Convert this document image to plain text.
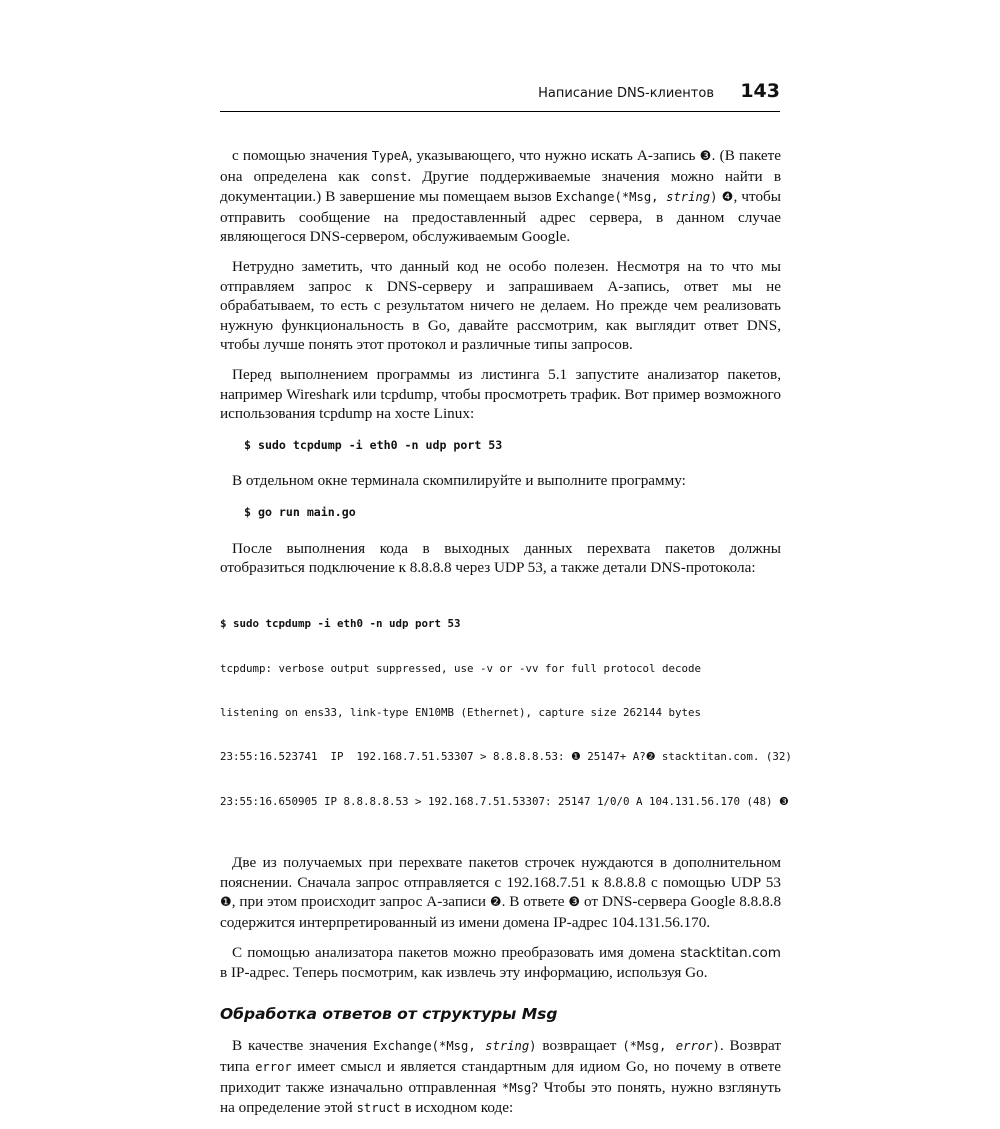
Написание DNS-клиентов 143

с помощью значения TypeA, указывающего, что нужно искать A-запись ❸. (В пакете она определена как const. Другие поддерживаемые значения можно найти в документации.) В завершение мы помещаем вызов Exchange(*Msg, string) ❹, чтобы отправить сообщение на предоставленный адрес сервера, в данном случае являющегося DNS-сервером, обслуживаемым Google.

Нетрудно заметить, что данный код не особо полезен. Несмотря на то что мы отправляем запрос к DNS-серверу и запрашиваем A-запись, ответ мы не обрабатываем, то есть с результатом ничего не делаем. Но прежде чем реализовать нужную функциональность в Go, давайте рассмотрим, как выглядит ответ DNS, чтобы лучше понять этот протокол и различные типы запросов.

Перед выполнением программы из листинга 5.1 запустите анализатор пакетов, например Wireshark или tcpdump, чтобы просмотреть трафик. Вот пример возможного использования tcpdump на хосте Linux:

$ sudo tcpdump -i eth0 -n udp port 53

В отдельном окне терминала скомпилируйте и выполните программу:

$ go run main.go

После выполнения кода в выходных данных перехвата пакетов должны отобразиться подключение к 8.8.8.8 через UDP 53, а также детали DNS-протокола:

$ sudo tcpdump -i eth0 -n udp port 53

tcpdump: verbose output suppressed, use -v or -vv for full protocol decode

listening on ens33, link-type EN10MB (Ethernet), capture size 262144 bytes

23:55:16.523741  IP  192.168.7.51.53307 > 8.8.8.8.53: ❶ 25147+ A?❷ stacktitan.com. (32)

23:55:16.650905 IP 8.8.8.8.53 > 192.168.7.51.53307: 25147 1/0/0 A 104.131.56.170 (48) ❸

Две из получаемых при перехвате пакетов строчек нуждаются в дополнительном пояснении. Сначала запрос отправляется с 192.168.7.51 к 8.8.8.8 с помощью UDP 53 ❶, при этом происходит запрос A-записи ❷. В ответе ❸ от DNS-сервера Google 8.8.8.8 содержится интерпретированный из имени домена IP-адрес 104.131.56.170.

С помощью анализатора пакетов можно преобразовать имя домена stacktitan.com в IP-адрес. Теперь посмотрим, как извлечь эту информацию, используя Go.

Обработка ответов от структуры Msg

В качестве значения Exchange(*Msg, string) возвращает (*Msg, error). Возврат типа error имеет смысл и является стандартным для идиом Go, но почему в ответе приходит также изначально отправленная *Msg? Чтобы это понять, нужно взглянуть на определение этой struct в исходном коде:
